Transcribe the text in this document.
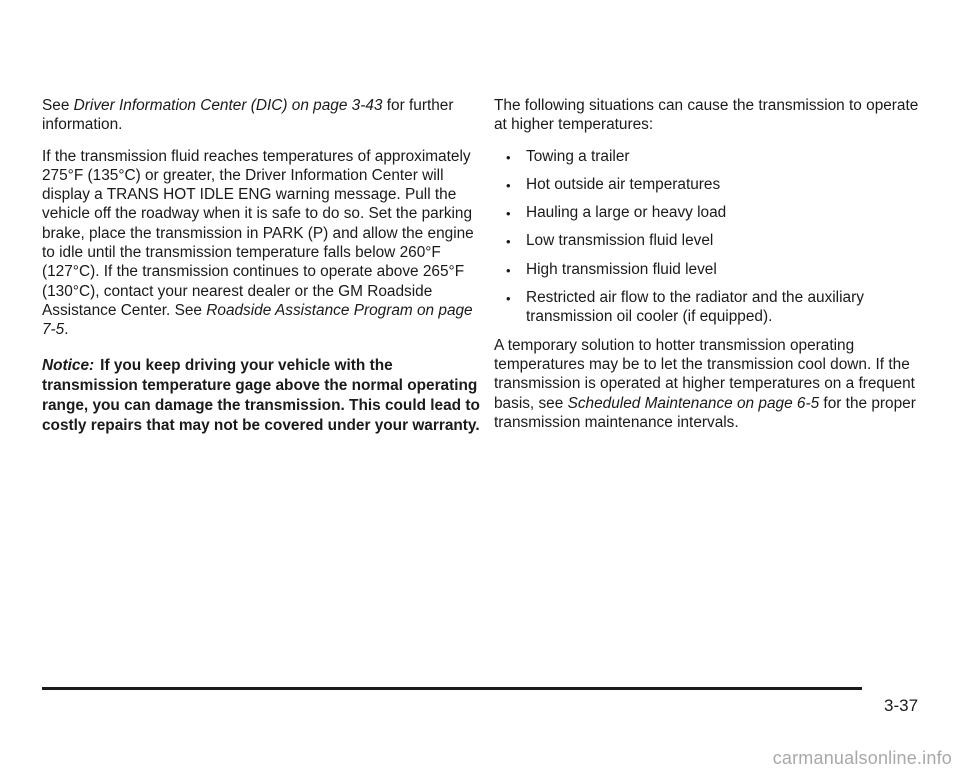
See Driver Information Center (DIC) on page 3-43 for further information.

If the transmission fluid reaches temperatures of approximately 275°F (135°C) or greater, the Driver Information Center will display a TRANS HOT IDLE ENG warning message. Pull the vehicle off the roadway when it is safe to do so. Set the parking brake, place the transmission in PARK (P) and allow the engine to idle until the transmission temperature falls below 260°F (127°C). If the transmission continues to operate above 265°F (130°C), contact your nearest dealer or the GM Roadside Assistance Center. See Roadside Assistance Program on page 7-5.

Notice: If you keep driving your vehicle with the transmission temperature gage above the normal operating range, you can damage the transmission. This could lead to costly repairs that may not be covered under your warranty.

The following situations can cause the transmission to operate at higher temperatures:

• Towing a trailer
• Hot outside air temperatures
• Hauling a large or heavy load
• Low transmission fluid level
• High transmission fluid level
• Restricted air flow to the radiator and the auxiliary transmission oil cooler (if equipped).

A temporary solution to hotter transmission operating temperatures may be to let the transmission cool down. If the transmission is operated at higher temperatures on a frequent basis, see Scheduled Maintenance on page 6-5 for the proper transmission maintenance intervals.

3-37
carmanualsonline.info
